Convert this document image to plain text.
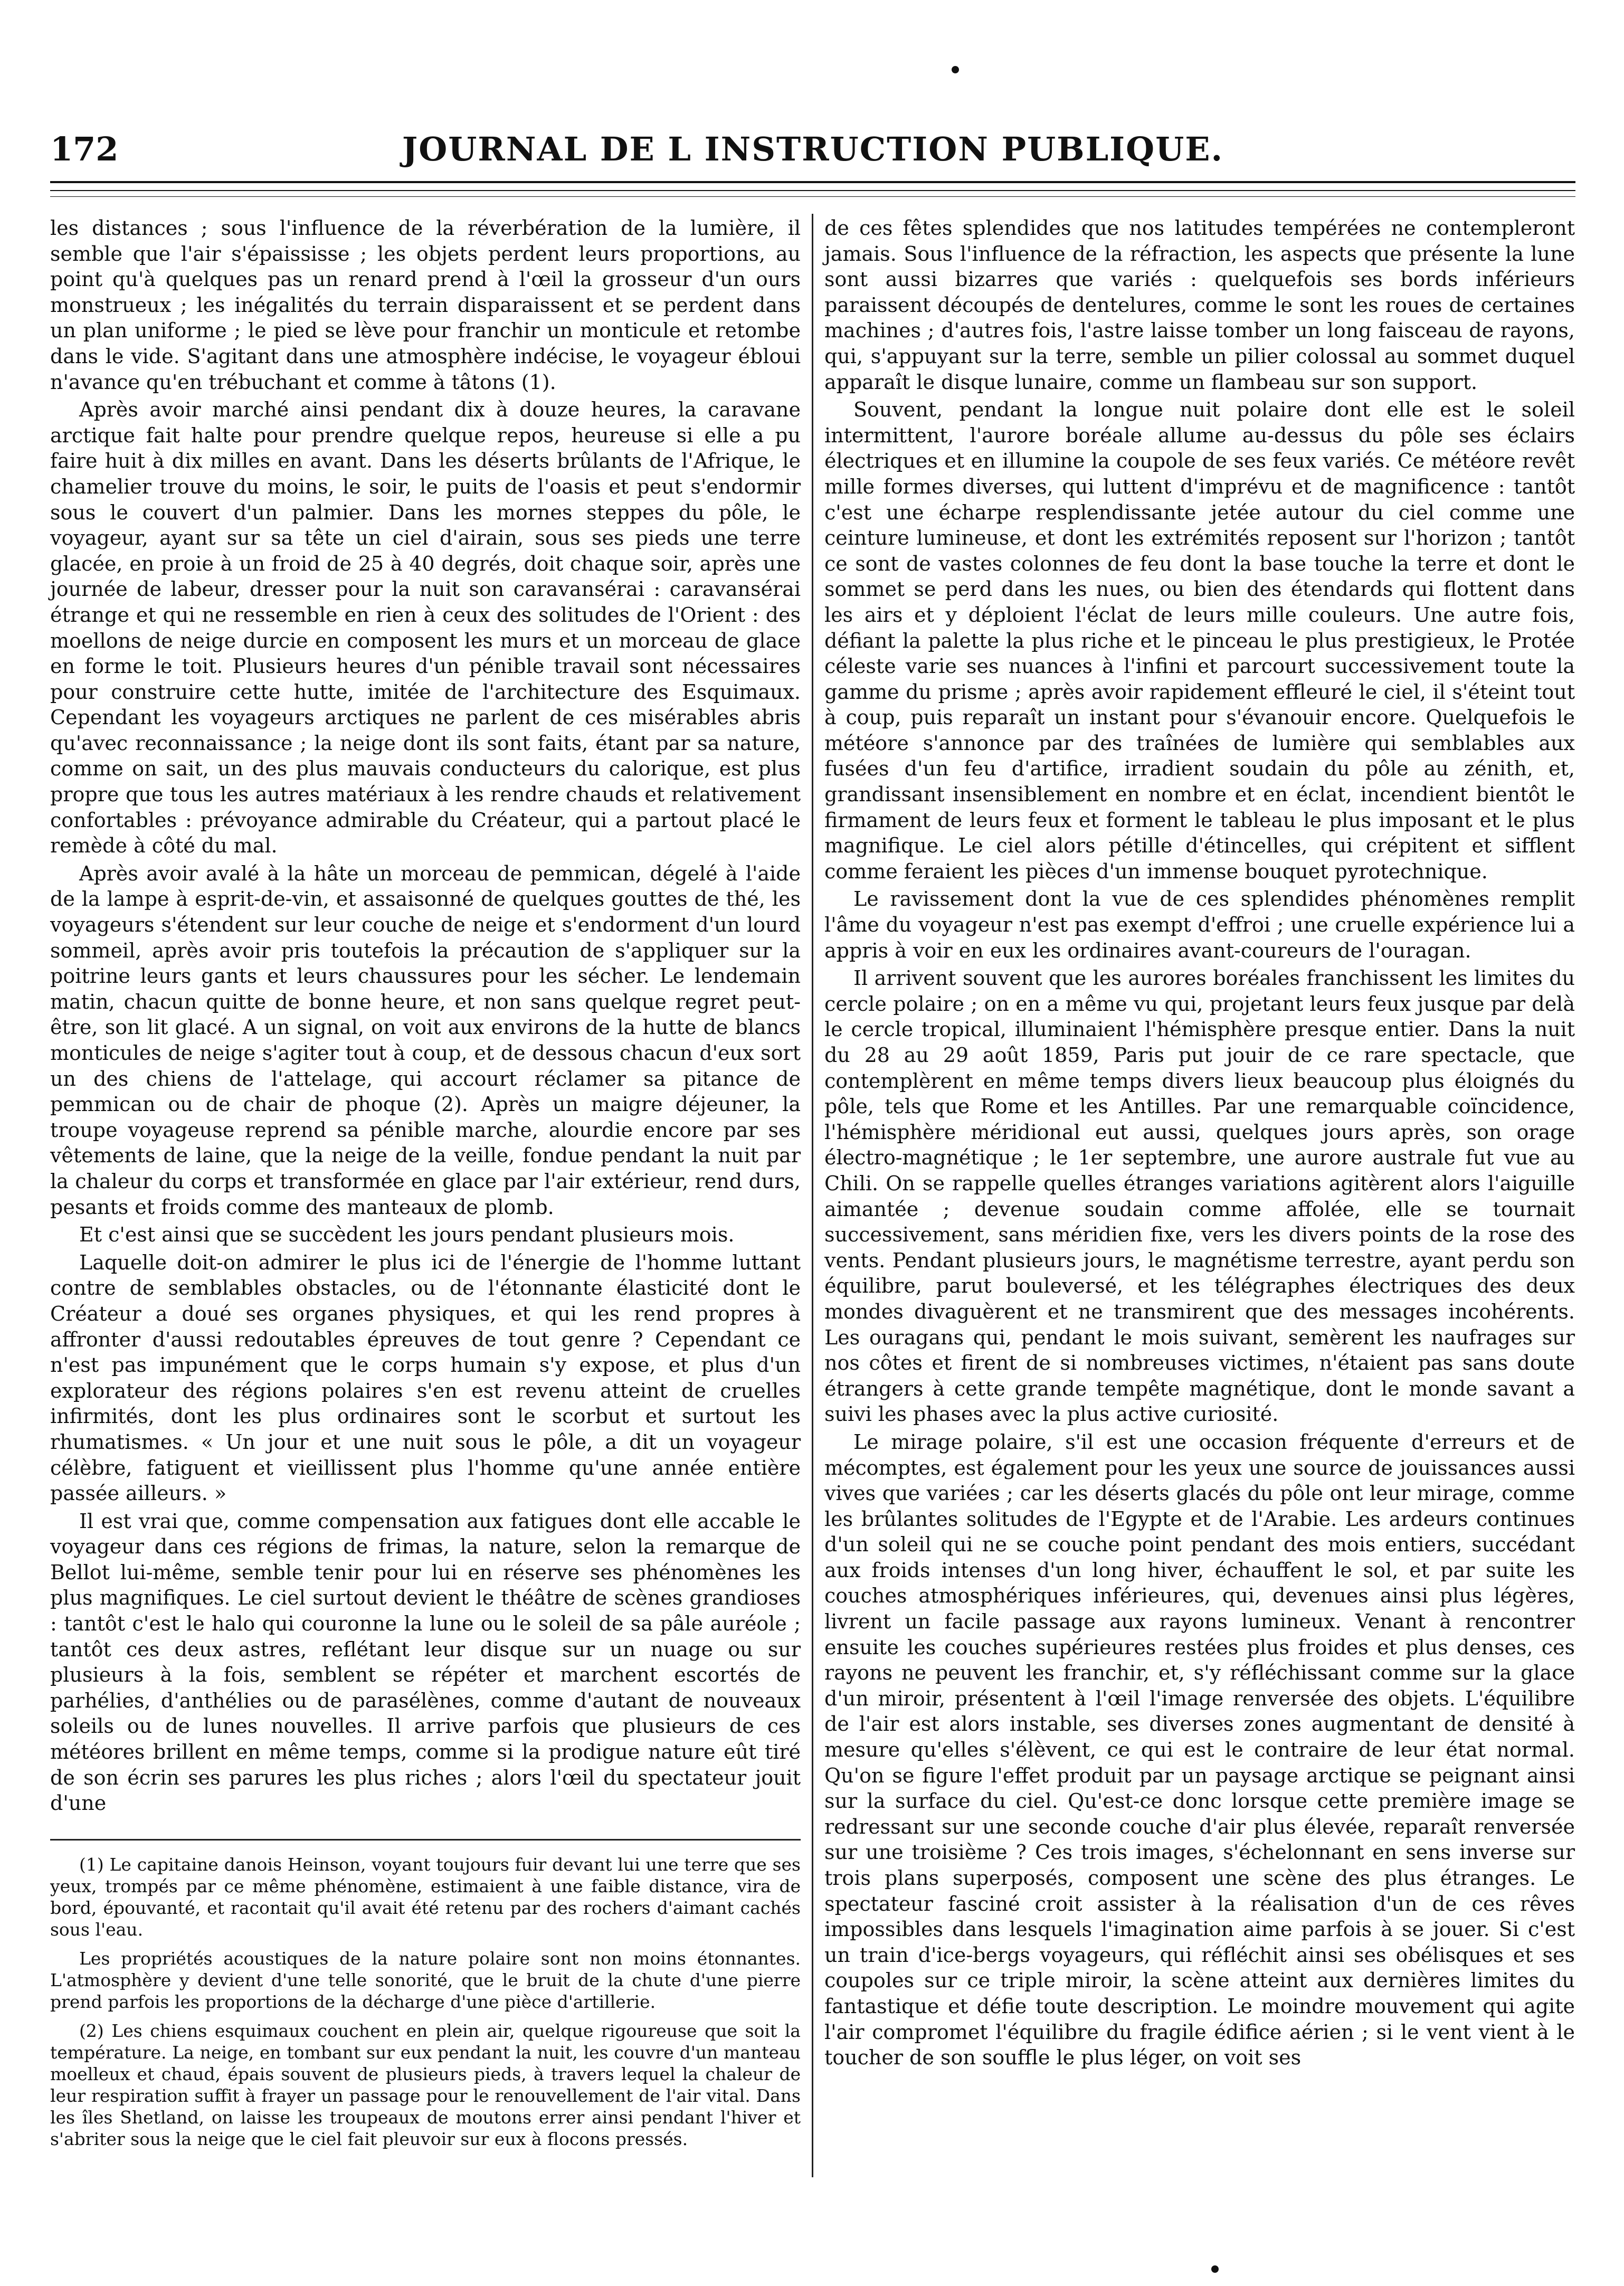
172	JOURNAL DE L INSTRUCTION PUBLIQUE.

les distances ; sous l'influence de la réverbération de la lumière, il semble que l'air s'épaississe ; les objets perdent leurs proportions, au point qu'à quelques pas un renard prend à l'œil la grosseur d'un ours monstrueux ; les inégalités du terrain disparaissent et se perdent dans un plan uniforme ; le pied se lève pour franchir un monticule et retombe dans le vide. S'agitant dans une atmosphère indécise, le voyageur ébloui n'avance qu'en trébuchant et comme à tâtons (1).

Après avoir marché ainsi pendant dix à douze heures, la caravane arctique fait halte pour prendre quelque repos, heureuse si elle a pu faire huit à dix milles en avant. Dans les déserts brûlants de l'Afrique, le chamelier trouve du moins, le soir, le puits de l'oasis et peut s'endormir sous le couvert d'un palmier. Dans les mornes steppes du pôle, le voyageur, ayant sur sa tête un ciel d'airain, sous ses pieds une terre glacée, en proie à un froid de 25 à 40 degrés, doit chaque soir, après une journée de labeur, dresser pour la nuit son caravansérai : caravansérai étrange et qui ne ressemble en rien à ceux des solitudes de l'Orient : des moellons de neige durcie en composent les murs et un morceau de glace en forme le toit. Plusieurs heures d'un pénible travail sont nécessaires pour construire cette hutte, imitée de l'architecture des Esquimaux. Cependant les voyageurs arctiques ne parlent de ces misérables abris qu'avec reconnaissance ; la neige dont ils sont faits, étant par sa nature, comme on sait, un des plus mauvais conducteurs du calorique, est plus propre que tous les autres matériaux à les rendre chauds et relativement confortables : prévoyance admirable du Créateur, qui a partout placé le remède à côté du mal.

Après avoir avalé à la hâte un morceau de pemmican, dégelé à l'aide de la lampe à esprit-de-vin, et assaisonné de quelques gouttes de thé, les voyageurs s'étendent sur leur couche de neige et s'endorment d'un lourd sommeil, après avoir pris toutefois la précaution de s'appliquer sur la poitrine leurs gants et leurs chaussures pour les sécher. Le lendemain matin, chacun quitte de bonne heure, et non sans quelque regret peut-être, son lit glacé. A un signal, on voit aux environs de la hutte de blancs monticules de neige s'agiter tout à coup, et de dessous chacun d'eux sort un des chiens de l'attelage, qui accourt réclamer sa pitance de pemmican ou de chair de phoque (2). Après un maigre déjeuner, la troupe voyageuse reprend sa pénible marche, alourdie encore par ses vêtements de laine, que la neige de la veille, fondue pendant la nuit par la chaleur du corps et transformée en glace par l'air extérieur, rend durs, pesants et froids comme des manteaux de plomb.

Et c'est ainsi que se succèdent les jours pendant plusieurs mois.

Laquelle doit-on admirer le plus ici de l'énergie de l'homme luttant contre de semblables obstacles, ou de l'étonnante élasticité dont le Créateur a doué ses organes physiques, et qui les rend propres à affronter d'aussi redoutables épreuves de tout genre ? Cependant ce n'est pas impunément que le corps humain s'y expose, et plus d'un explorateur des régions polaires s'en est revenu atteint de cruelles infirmités, dont les plus ordinaires sont le scorbut et surtout les rhumatismes. « Un jour et une nuit sous le pôle, a dit un voyageur célèbre, fatiguent et vieillissent plus l'homme qu'une année entière passée ailleurs. »

Il est vrai que, comme compensation aux fatigues dont elle accable le voyageur dans ces régions de frimas, la nature, selon la remarque de Bellot lui-même, semble tenir pour lui en réserve ses phénomènes les plus magnifiques. Le ciel surtout devient le théâtre de scènes grandioses : tantôt c'est le halo qui couronne la lune ou le soleil de sa pâle auréole ; tantôt ces deux astres, reflétant leur disque sur un nuage ou sur plusieurs à la fois, semblent se répéter et marchent escortés de parhélies, d'anthélies ou de parasélènes, comme d'autant de nouveaux soleils ou de lunes nouvelles. Il arrive parfois que plusieurs de ces météores brillent en même temps, comme si la prodigue nature eût tiré de son écrin ses parures les plus riches ; alors l'œil du spectateur jouit d'une

de ces fêtes splendides que nos latitudes tempérées ne contempleront jamais. Sous l'influence de la réfraction, les aspects que présente la lune sont aussi bizarres que variés : quelquefois ses bords inférieurs paraissent découpés de dentelures, comme le sont les roues de certaines machines ; d'autres fois, l'astre laisse tomber un long faisceau de rayons, qui, s'appuyant sur la terre, semble un pilier colossal au sommet duquel apparaît le disque lunaire, comme un flambeau sur son support.

Souvent, pendant la longue nuit polaire dont elle est le soleil intermittent, l'aurore boréale allume au-dessus du pôle ses éclairs électriques et en illumine la coupole de ses feux variés. Ce météore revêt mille formes diverses, qui luttent d'imprévu et de magnificence : tantôt c'est une écharpe resplendissante jetée autour du ciel comme une ceinture lumineuse, et dont les extrémités reposent sur l'horizon ; tantôt ce sont de vastes colonnes de feu dont la base touche la terre et dont le sommet se perd dans les nues, ou bien des étendards qui flottent dans les airs et y déploient l'éclat de leurs mille couleurs. Une autre fois, défiant la palette la plus riche et le pinceau le plus prestigieux, le Protée céleste varie ses nuances à l'infini et parcourt successivement toute la gamme du prisme ; après avoir rapidement effleuré le ciel, il s'éteint tout à coup, puis reparaît un instant pour s'évanouir encore. Quelquefois le météore s'annonce par des traînées de lumière qui semblables aux fusées d'un feu d'artifice, irradient soudain du pôle au zénith, et, grandissant insensiblement en nombre et en éclat, incendient bientôt le firmament de leurs feux et forment le tableau le plus imposant et le plus magnifique. Le ciel alors pétille d'étincelles, qui crépitent et sifflent comme feraient les pièces d'un immense bouquet pyrotechnique.

Le ravissement dont la vue de ces splendides phénomènes remplit l'âme du voyageur n'est pas exempt d'effroi ; une cruelle expérience lui a appris à voir en eux les ordinaires avant-coureurs de l'ouragan.

Il arrivent souvent que les aurores boréales franchissent les limites du cercle polaire ; on en a même vu qui, projetant leurs feux jusque par delà le cercle tropical, illuminaient l'hémisphère presque entier. Dans la nuit du 28 au 29 août 1859, Paris put jouir de ce rare spectacle, que contemplèrent en même temps divers lieux beaucoup plus éloignés du pôle, tels que Rome et les Antilles. Par une remarquable coïncidence, l'hémisphère méridional eut aussi, quelques jours après, son orage électro-magnétique ; le 1er septembre, une aurore australe fut vue au Chili. On se rappelle quelles étranges variations agitèrent alors l'aiguille aimantée ; devenue soudain comme affolée, elle se tournait successivement, sans méridien fixe, vers les divers points de la rose des vents. Pendant plusieurs jours, le magnétisme terrestre, ayant perdu son équilibre, parut bouleversé, et les télégraphes électriques des deux mondes divaguèrent et ne transmirent que des messages incohérents. Les ouragans qui, pendant le mois suivant, semèrent les naufrages sur nos côtes et firent de si nombreuses victimes, n'étaient pas sans doute étrangers à cette grande tempête magnétique, dont le monde savant a suivi les phases avec la plus active curiosité.

Le mirage polaire, s'il est une occasion fréquente d'erreurs et de mécomptes, est également pour les yeux une source de jouissances aussi vives que variées ; car les déserts glacés du pôle ont leur mirage, comme les brûlantes solitudes de l'Egypte et de l'Arabie. Les ardeurs continues d'un soleil qui ne se couche point pendant des mois entiers, succédant aux froids intenses d'un long hiver, échauffent le sol, et par suite les couches atmosphériques inférieures, qui, devenues ainsi plus légères, livrent un facile passage aux rayons lumineux. Venant à rencontrer ensuite les couches supérieures restées plus froides et plus denses, ces rayons ne peuvent les franchir, et, s'y réfléchissant comme sur la glace d'un miroir, présentent à l'œil l'image renversée des objets. L'équilibre de l'air est alors instable, ses diverses zones augmentant de densité à mesure qu'elles s'élèvent, ce qui est le contraire de leur état normal. Qu'on se figure l'effet produit par un paysage arctique se peignant ainsi sur la surface du ciel. Qu'est-ce donc lorsque cette première image se redressant sur une seconde couche d'air plus élevée, reparaît renversée sur une troisième ? Ces trois images, s'échelonnant en sens inverse sur trois plans superposés, composent une scène des plus étranges. Le spectateur fasciné croit assister à la réalisation d'un de ces rêves impossibles dans lesquels l'imagination aime parfois à se jouer. Si c'est un train d'ice-bergs voyageurs, qui réfléchit ainsi ses obélisques et ses coupoles sur ce triple miroir, la scène atteint aux dernières limites du fantastique et défie toute description. Le moindre mouvement qui agite l'air compromet l'équilibre du fragile édifice aérien ; si le vent vient à le toucher de son souffle le plus léger, on voit ses

(1) Le capitaine danois Heinson, voyant toujours fuir devant lui une terre que ses yeux, trompés par ce même phénomène, estimaient à une faible distance, vira de bord, épouvanté, et racontait qu'il avait été retenu par des rochers d'aimant cachés sous l'eau.

Les propriétés acoustiques de la nature polaire sont non moins étonnantes. L'atmosphère y devient d'une telle sonorité, que le bruit de la chute d'une pierre prend parfois les proportions de la décharge d'une pièce d'artillerie.

(2) Les chiens esquimaux couchent en plein air, quelque rigoureuse que soit la température. La neige, en tombant sur eux pendant la nuit, les couvre d'un manteau moelleux et chaud, épais souvent de plusieurs pieds, à travers lequel la chaleur de leur respiration suffit à frayer un passage pour le renouvellement de l'air vital. Dans les îles Shetland, on laisse les troupeaux de moutons errer ainsi pendant l'hiver et s'abriter sous la neige que le ciel fait pleuvoir sur eux à flocons pressés.
